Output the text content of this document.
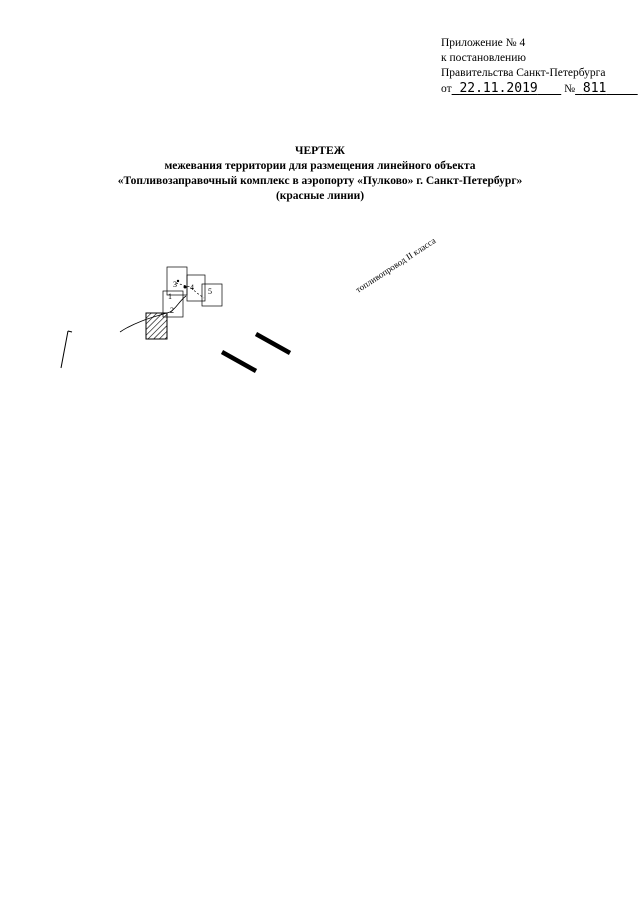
Приложение № 4
к постановлению
Правительства Санкт-Петербурга
от 22.11.2019 № 811
ЧЕРТЕЖ
межевания территории для размещения линейного объекта
«Топливозаправочный комплекс в аэропорту «Пулково» г. Санкт-Петербург»
(красные линии)
топливопровод II класса
1
2
3 4 5
